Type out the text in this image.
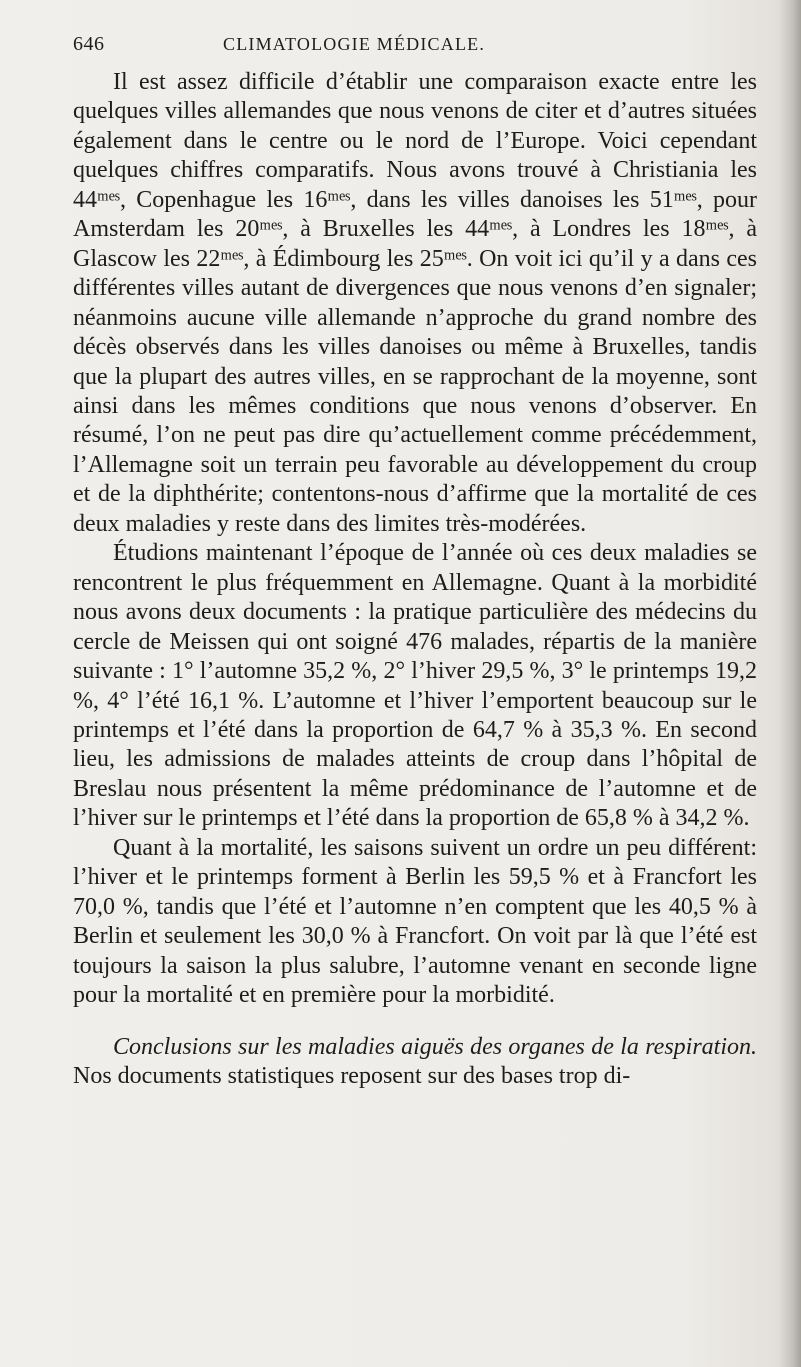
646	CLIMATOLOGIE MÉDICALE.

Il est assez difficile d’établir une comparaison exacte entre les quelques villes allemandes que nous venons de citer et d’autres situées également dans le centre ou le nord de l’Europe. Voici cependant quelques chiffres comparatifs. Nous avons trouvé à Christiania les 44ᵐᵉˢ, Copenhague les 16ᵐᵉˢ, dans les villes danoises les 51ᵐᵉˢ, pour Amsterdam les 20ᵐᵉˢ, à Bruxelles les 44ᵐᵉˢ, à Londres les 18ᵐᵉˢ, à Glascow les 22ᵐᵉˢ, à Édimbourg les 25ᵐᵉˢ. On voit ici qu’il y a dans ces différentes villes autant de divergences que nous venons d’en signaler; néanmoins aucune ville allemande n’approche du grand nombre des décès observés dans les villes danoises ou même à Bruxelles, tandis que la plupart des autres villes, en se rapprochant de la moyenne, sont ainsi dans les mêmes conditions que nous venons d’observer. En résumé, l’on ne peut pas dire qu’actuellement comme précédemment, l’Allemagne soit un terrain peu favorable au développement du croup et de la diphthérite; contentons-nous d’affirme que la mortalité de ces deux maladies y reste dans des limites très-modérées.

Étudions maintenant l’époque de l’année où ces deux maladies se rencontrent le plus fréquemment en Allemagne. Quant à la morbidité nous avons deux documents : la pratique particulière des médecins du cercle de Meissen qui ont soigné 476 malades, répartis de la manière suivante : 1° l’automne 35,2 %, 2° l’hiver 29,5 %, 3° le printemps 19,2 %, 4° l’été 16,1 %. L’automne et l’hiver l’emportent beaucoup sur le printemps et l’été dans la proportion de 64,7 % à 35,3 %. En second lieu, les admissions de malades atteints de croup dans l’hôpital de Breslau nous présentent la même prédominance de l’automne et de l’hiver sur le printemps et l’été dans la proportion de 65,8 % à 34,2 %.

Quant à la mortalité, les saisons suivent un ordre un peu différent: l’hiver et le printemps forment à Berlin les 59,5 % et à Francfort les 70,0 %, tandis que l’été et l’automne n’en comptent que les 40,5 % à Berlin et seulement les 30,0 % à Francfort. On voit par là que l’été est toujours la saison la plus salubre, l’automne venant en seconde ligne pour la mortalité et en première pour la morbidité.

Conclusions sur les maladies aiguës des organes de la respiration. Nos documents statistiques reposent sur des bases trop di-
